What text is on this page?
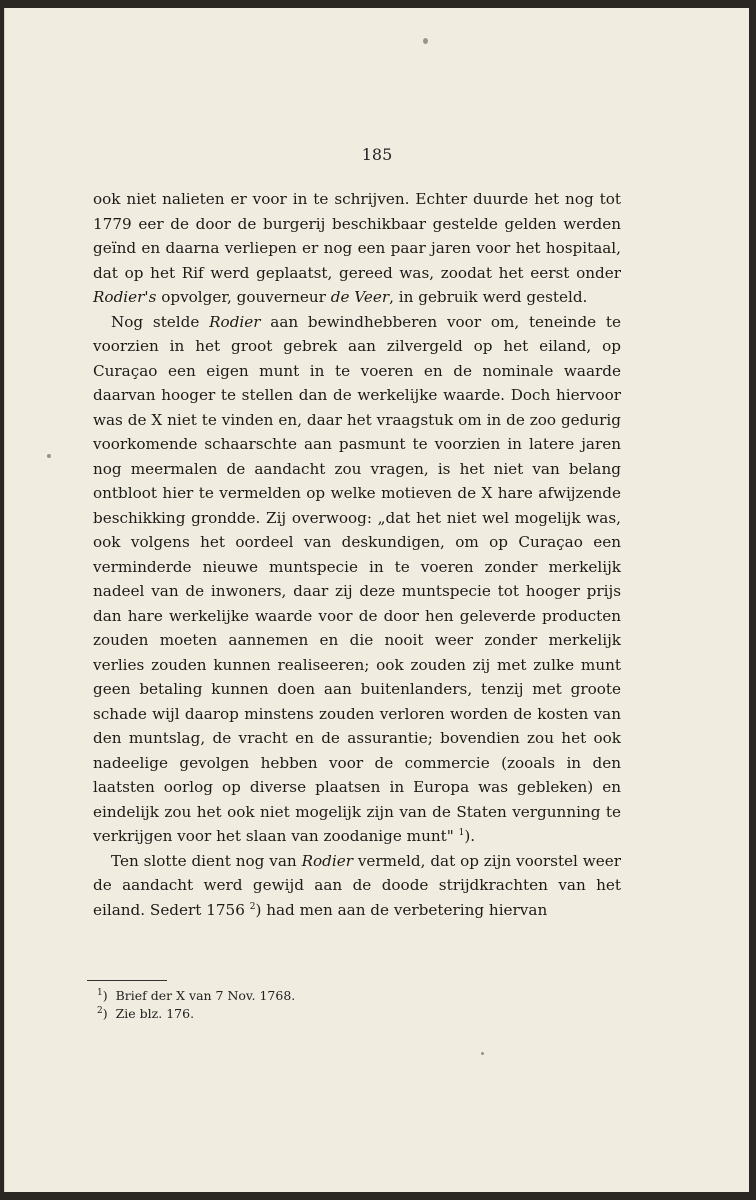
185

ook niet nalieten er voor in te schrijven. Echter duurde het nog tot 1779 eer de door de burgerij beschikbaar gestelde gelden werden geïnd en daarna verliepen er nog een paar jaren voor het hospitaal, dat op het Rif werd geplaatst, gereed was, zoodat het eerst onder Rodier's opvolger, gouverneur de Veer, in gebruik werd gesteld.

Nog stelde Rodier aan bewindhebberen voor om, teneinde te voorzien in het groot gebrek aan zilvergeld op het eiland, op Curaçao een eigen munt in te voeren en de nominale waarde daarvan hooger te stellen dan de werkelijke waarde. Doch hiervoor was de X niet te vinden en, daar het vraagstuk om in de zoo gedurig voorkomende schaarschte aan pasmunt te voorzien in latere jaren nog meermalen de aandacht zou vragen, is het niet van belang ontbloot hier te vermelden op welke motieven de X hare afwijzende beschikking grondde. Zij overwoog: „dat het niet wel mogelijk was, ook volgens het oordeel van deskundigen, om op Curaçao een verminderde nieuwe muntspecie in te voeren zonder merkelijk nadeel van de inwoners, daar zij deze muntspecie tot hooger prijs dan hare werkelijke waarde voor de door hen geleverde producten zouden moeten aannemen en die nooit weer zonder merkelijk verlies zouden kunnen realiseeren; ook zouden zij met zulke munt geen betaling kunnen doen aan buitenlanders, tenzij met groote schade wijl daarop minstens zouden verloren worden de kosten van den muntslag, de vracht en de assurantie; bovendien zou het ook nadeelige gevolgen hebben voor de commercie (zooals in den laatsten oorlog op diverse plaatsen in Europa was gebleken) en eindelijk zou het ook niet mogelijk zijn van de Staten vergunning te verkrijgen voor het slaan van zoodanige munt" $^1$).

Ten slotte dient nog van Rodier vermeld, dat op zijn voorstel weer de aandacht werd gewijd aan de doode strijdkrachten van het eiland. Sedert 1756 $^2$) had men aan de verbetering hiervan

$^1$) Brief der X van 7 Nov. 1768.
$^2$) Zie blz. 176.
